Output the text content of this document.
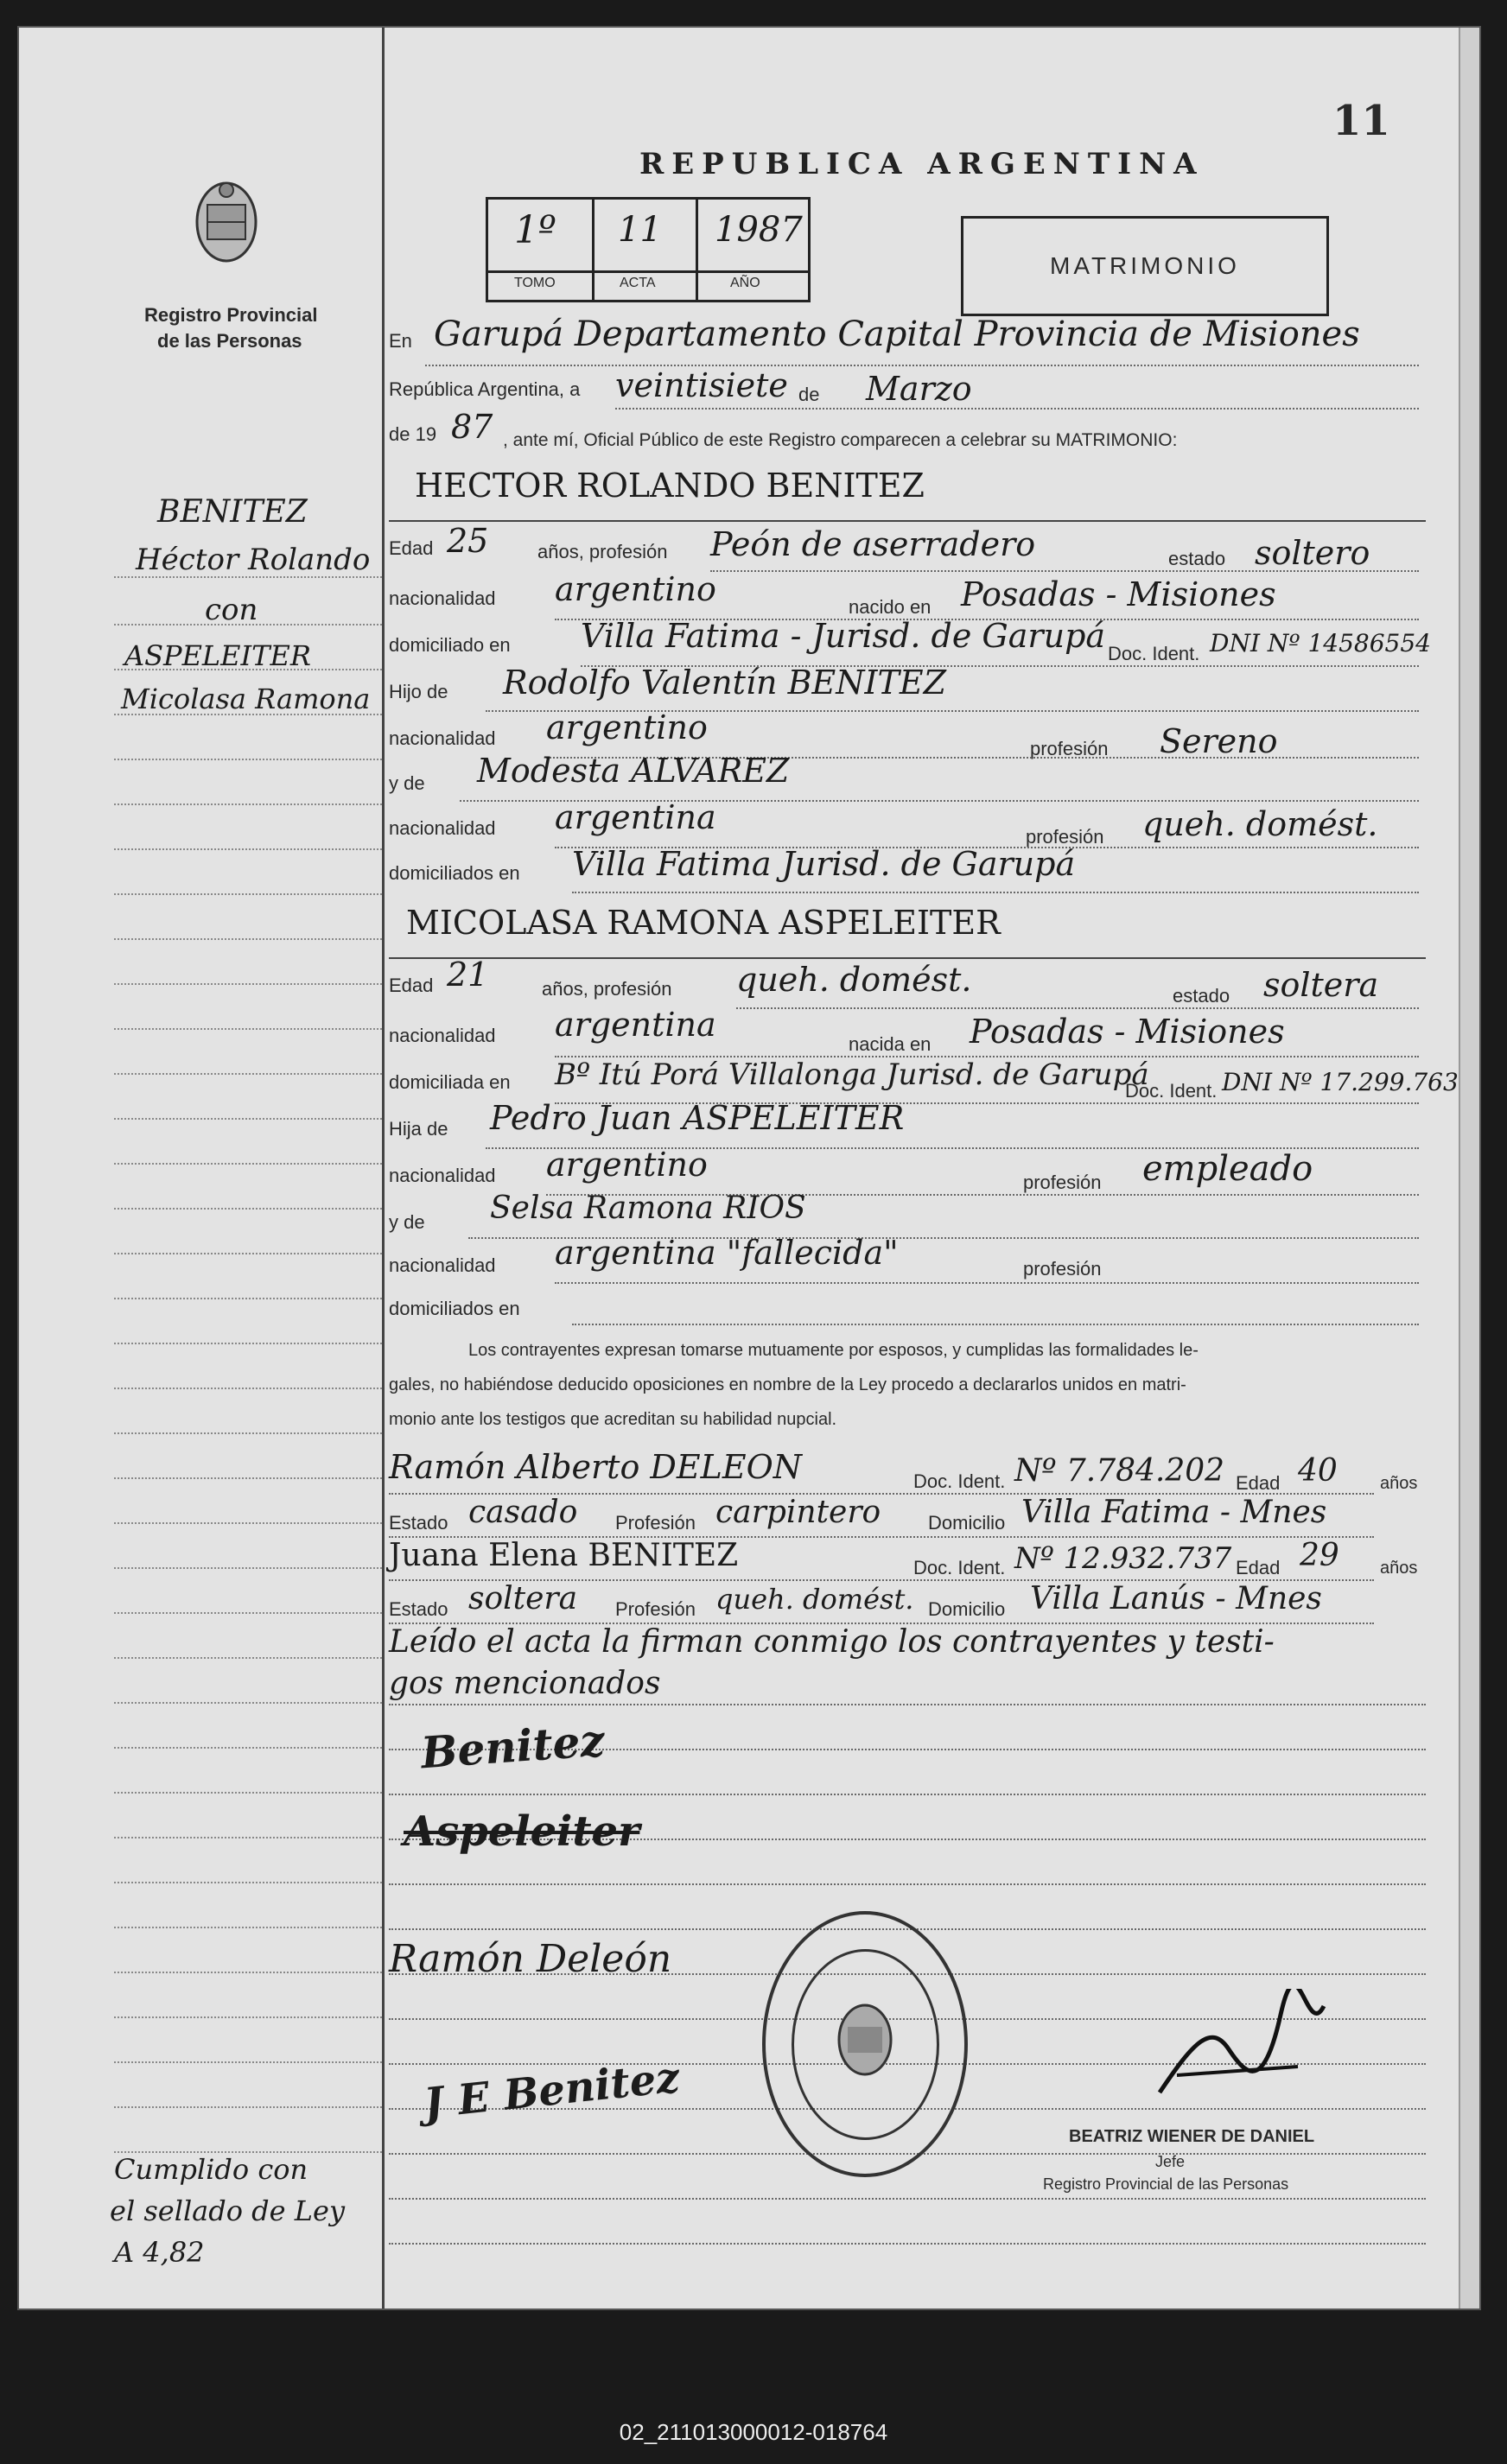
Registro Provincial
de las Personas
BENITEZ
Héctor Rolando
con
ASPELEITER
Micolasa Ramona
Cumplido con
el sellado de Ley
A 4,82
11
REPUBLICA ARGENTINA
1º 11 1987
TOMO	ACTA	AÑO
MATRIMONIO
En Garupá Departamento Capital Provincia de Misiones
República Argentina, a veintisiete de Marzo
de 19 87 , ante mí, Oficial Público de este Registro comparecen a celebrar su MATRIMONIO:
HECTOR ROLANDO BENITEZ
Edad 25	años, profesión Peón de aserradero	estado soltero
nacionalidad argentino	nacido en Posadas - Misiones
domiciliado en Villa Fatima - Jurisd. de Garupá Doc. Ident. DNI Nº 14586554
Hijo de Rodolfo Valentín BENITEZ
nacionalidad argentino
profesión Sereno
y de Modesta ALVAREZ
nacionalidad argentina
profesión queh. domést.
domiciliados en Villa Fatima Jurisd. de Garupá
MICOLASA RAMONA ASPELEITER
Edad 21	años, profesión queh. domést.	estado soltera
nacionalidad argentina
nacida en Posadas - Misiones
domiciliada en Bº Itú Porá Villalonga Jurisd. de Garupá
Doc. Ident. DNI Nº 17.299.763
Hija de Pedro Juan ASPELEITER
nacionalidad argentino	profesión empleado
y de Selsa Ramona RIOS
nacionalidad argentina "fallecida"	profesión
domiciliados en
Los contrayentes expresan tomarse mutuamente por esposos, y cumplidas las formalidades le-
gales, no habiéndose deducido oposiciones en nombre de la Ley procedo a declararlos unidos en matri-
monio ante los testigos que acreditan su habilidad nupcial.
Ramón Alberto DELEON	Doc. Ident. Nº 7.784.202 Edad 40 años
Estado casado Profesión carpintero Domicilio Villa Fatima - Mnes
Juana Elena BENITEZ	Doc. Ident. Nº 12.932.737 Edad 29 años
Estado soltera Profesión queh. domést. Domicilio Villa Lanús - Mnes
Leído el acta la firman conmigo los contrayentes y testi-
gos mencionados
Benitez
Aspeleiter
Ramón Deleón
J E Benitez
BEATRIZ WIENER DE DANIEL
Jefe
Registro Provincial de las Personas
02_211013000012-018764
